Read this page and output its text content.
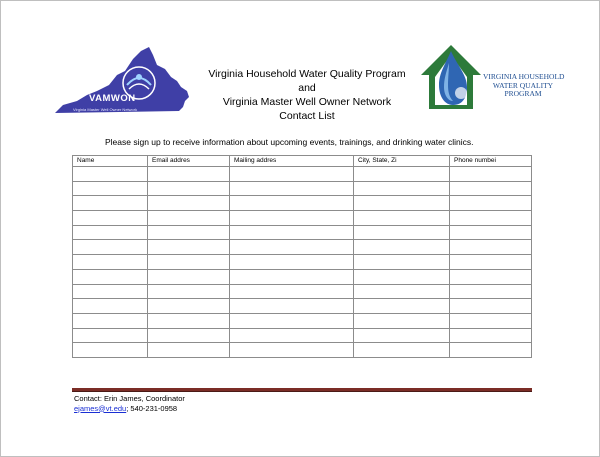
VAMWON
Virginia Master Well Owner Network
VIRGINIA HOUSEHOLD
WATER QUALITY
PROGRAM
Virginia Household Water Quality Program
and
Virginia Master Well Owner Network
Contact List
Please sign up to receive information about upcoming events, trainings, and drinking water clinics.
Name	Email addres	Mailing addres	City, State, Zi	Phone numbei

Contact: Erin James, Coordinator
ejames@vt.edu; 540-231-0958
